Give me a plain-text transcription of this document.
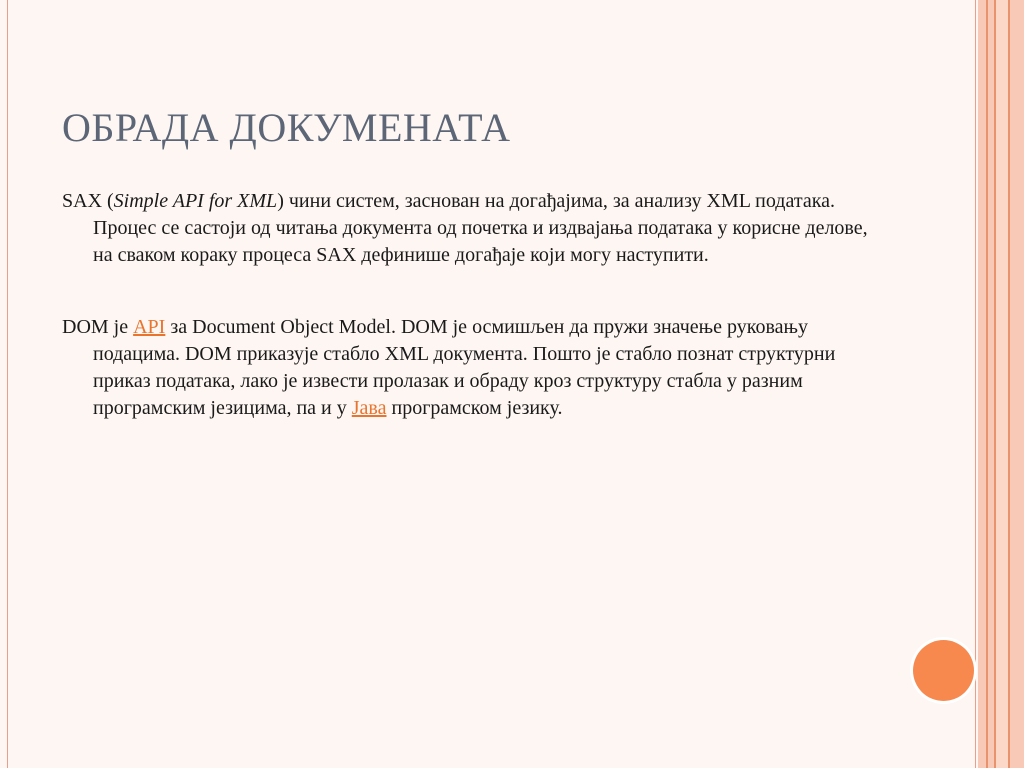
ОБРАДА ДОКУМЕНАТА

SAX (Simple API for XML) чини систем, заснован на догађајима, за анализу XML података. Процес се састоји од читања документа од почетка и издвајања података у корисне делове, на сваком кораку процеса SAX дефинише догађаје који могу наступити.

DOM је API за Document Object Model. DOM је осмишљен да пружи значење руковању подацима. DOM приказује стабло XML документа. Пошто је стабло познат структурни приказ података, лако је извести пролазак и обраду кроз структуру стабла у разним програмским језицима, па и у Јава програмском језику.
